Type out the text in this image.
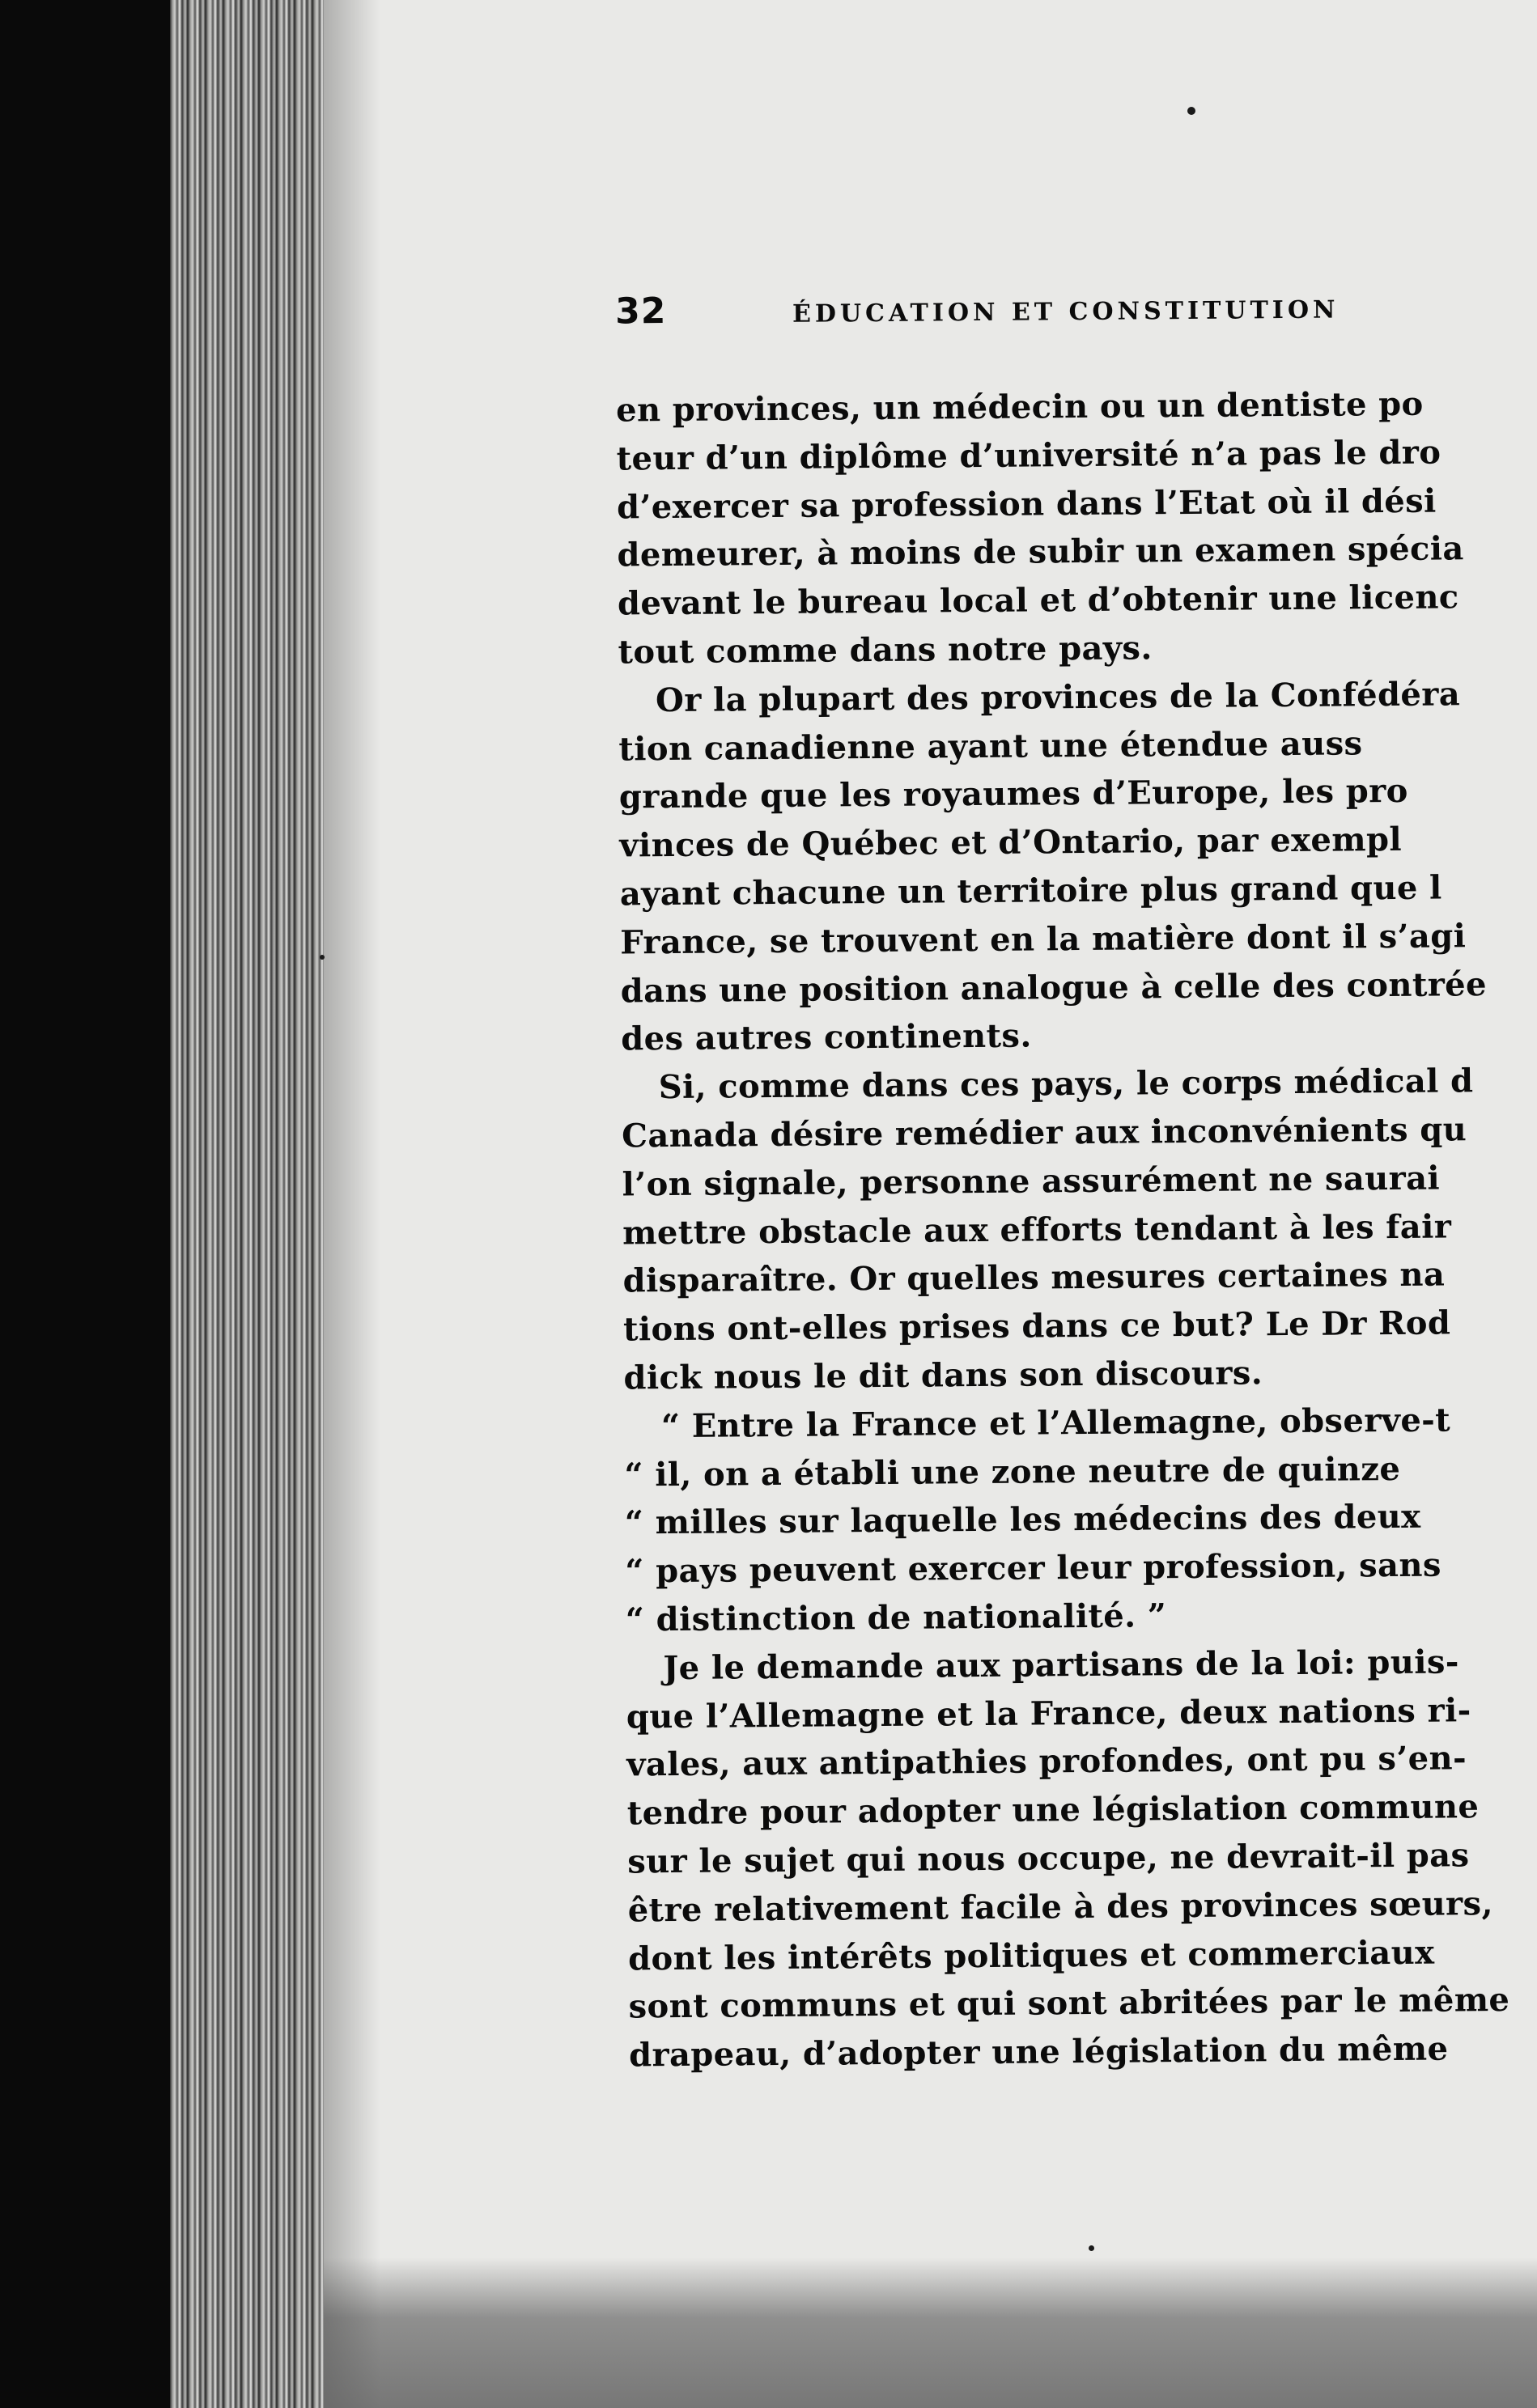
32	ÉDUCATION ET CONSTITUTION
en provinces, un médecin ou un dentiste po
teur d’un diplôme d’université n’a pas le dro
d’exercer sa profession dans l’Etat où il dési
demeurer, à moins de subir un examen spécia
devant le bureau local et d’obtenir une licenc
tout comme dans notre pays.
Or la plupart des provinces de la Confédéra
tion canadienne ayant une étendue auss
grande que les royaumes d’Europe, les pro
vinces de Québec et d’Ontario, par exempl
ayant chacune un territoire plus grand que l
France, se trouvent en la matière dont il s’agi
dans une position analogue à celle des contrée
des autres continents.
Si, comme dans ces pays, le corps médical d
Canada désire remédier aux inconvénients qu
l’on signale, personne assurément ne saurai
mettre obstacle aux efforts tendant à les fair
disparaître. Or quelles mesures certaines na
tions ont-elles prises dans ce but? Le Dr Rod
dick nous le dit dans son discours.
“ Entre la France et l’Allemagne, observe-t
“ il, on a établi une zone neutre de quinze
“ milles sur laquelle les médecins des deux
“ pays peuvent exercer leur profession, sans
“ distinction de nationalité. ”
Je le demande aux partisans de la loi: puis-
que l’Allemagne et la France, deux nations ri-
vales, aux antipathies profondes, ont pu s’en-
tendre pour adopter une législation commune
sur le sujet qui nous occupe, ne devrait-il pas
être relativement facile à des provinces sœurs,
dont les intérêts politiques et commerciaux
sont communs et qui sont abritées par le même
drapeau, d’adopter une législation du même
